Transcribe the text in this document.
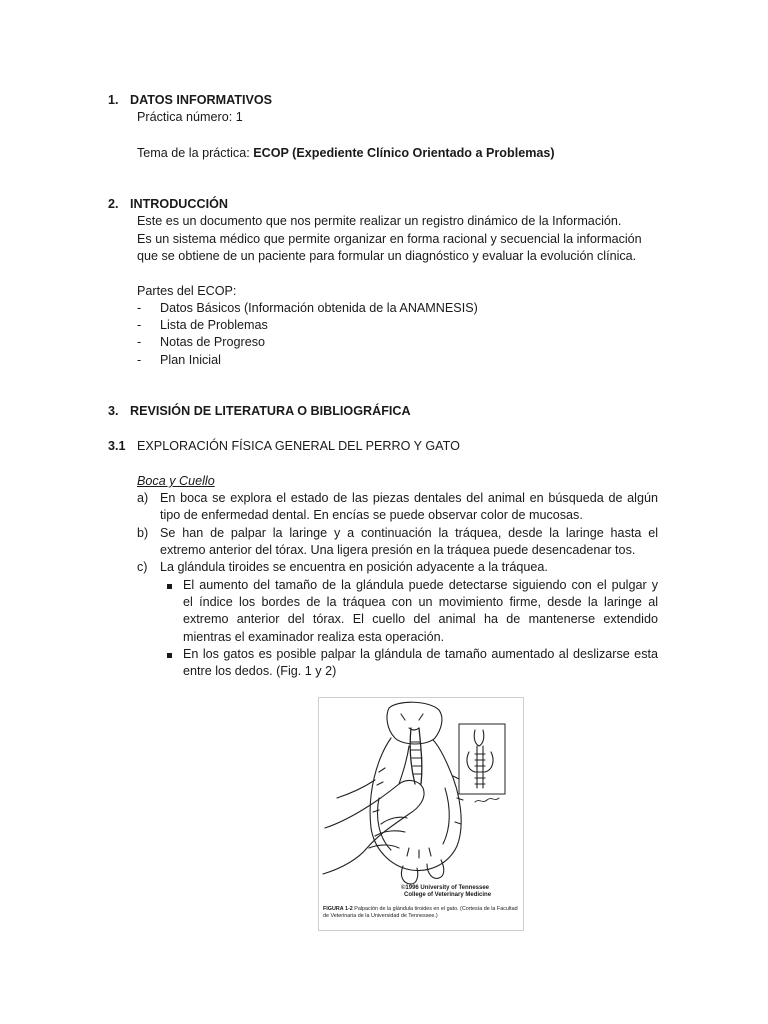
1. DATOS INFORMATIVOS
Práctica número: 1
Tema de la práctica: ECOP (Expediente Clínico Orientado a Problemas)
2. INTRODUCCIÓN
Este es un documento que nos permite realizar un registro dinámico de la Información.
Es un sistema médico que permite organizar en forma racional y secuencial la información
que se obtiene de un paciente para formular un diagnóstico y evaluar la evolución clínica.
Partes del ECOP:
- Datos Básicos (Información obtenida de la ANAMNESIS)
- Lista de Problemas
- Notas de Progreso
- Plan Inicial
3. REVISIÓN DE LITERATURA O BIBLIOGRÁFICA
3.1 EXPLORACIÓN FÍSICA GENERAL DEL PERRO Y GATO
Boca y Cuello
a) En boca se explora el estado de las piezas dentales del animal en búsqueda de algún
tipo de enfermedad dental. En encías se puede observar color de mucosas.
b) Se han de palpar la laringe y a continuación la tráquea, desde la laringe hasta el
extremo anterior del tórax. Una ligera presión en la tráquea puede desencadenar tos.
c) La glándula tiroides se encuentra en posición adyacente a la tráquea.
El aumento del tamaño de la glándula puede detectarse siguiendo con el pulgar y
el índice los bordes de la tráquea con un movimiento firme, desde la laringe al
extremo anterior del tórax. El cuello del animal ha de mantenerse extendido
mientras el examinador realiza esta operación.
En los gatos es posible palpar la glándula de tamaño aumentado al deslizarse esta
entre los dedos. (Fig. 1 y 2)
©1996 University of Tennessee
College of Veterinary Medicine
FIGURA 1-2 Palpación de la glándula tiroides en el gato. (Cortesía de la Facultad de Veterinaria de la Universidad de Tennessee.)
